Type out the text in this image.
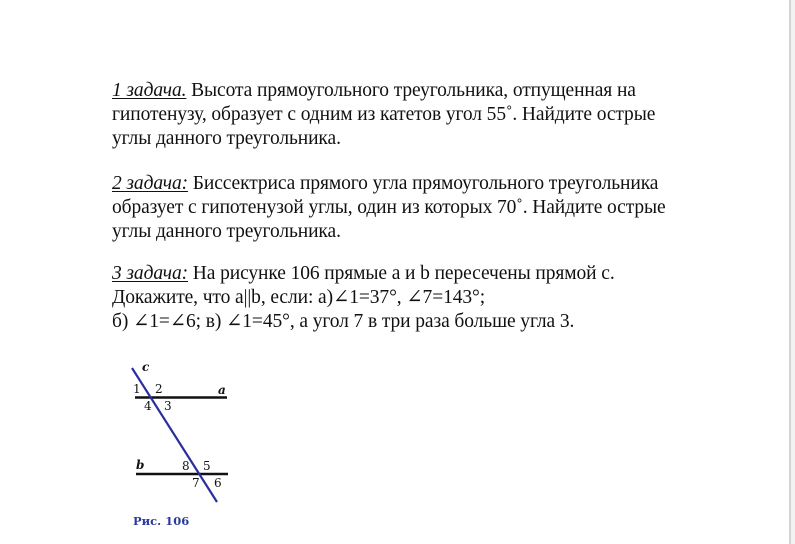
1 задача. Высота прямоугольного треугольника, отпущенная на

гипотенузу, образует с одним из катетов угол 55˚. Найдите острые

углы данного треугольника.

2 задача: Биссектриса прямого угла прямоугольного треугольника

образует с гипотенузой углы, один из которых 70˚. Найдите острые

углы данного треугольника.

3 задача: На рисунке 106 прямые a и b пересечены прямой c.

Докажите, что a||b, если: а)∠1=37°, ∠7=143°;

б) ∠1=∠6; в) ∠1=45°, а угол 7 в три раза больше угла 3.

c
a
b
1 2
3
4
5
6
7
8
Рис. 106
